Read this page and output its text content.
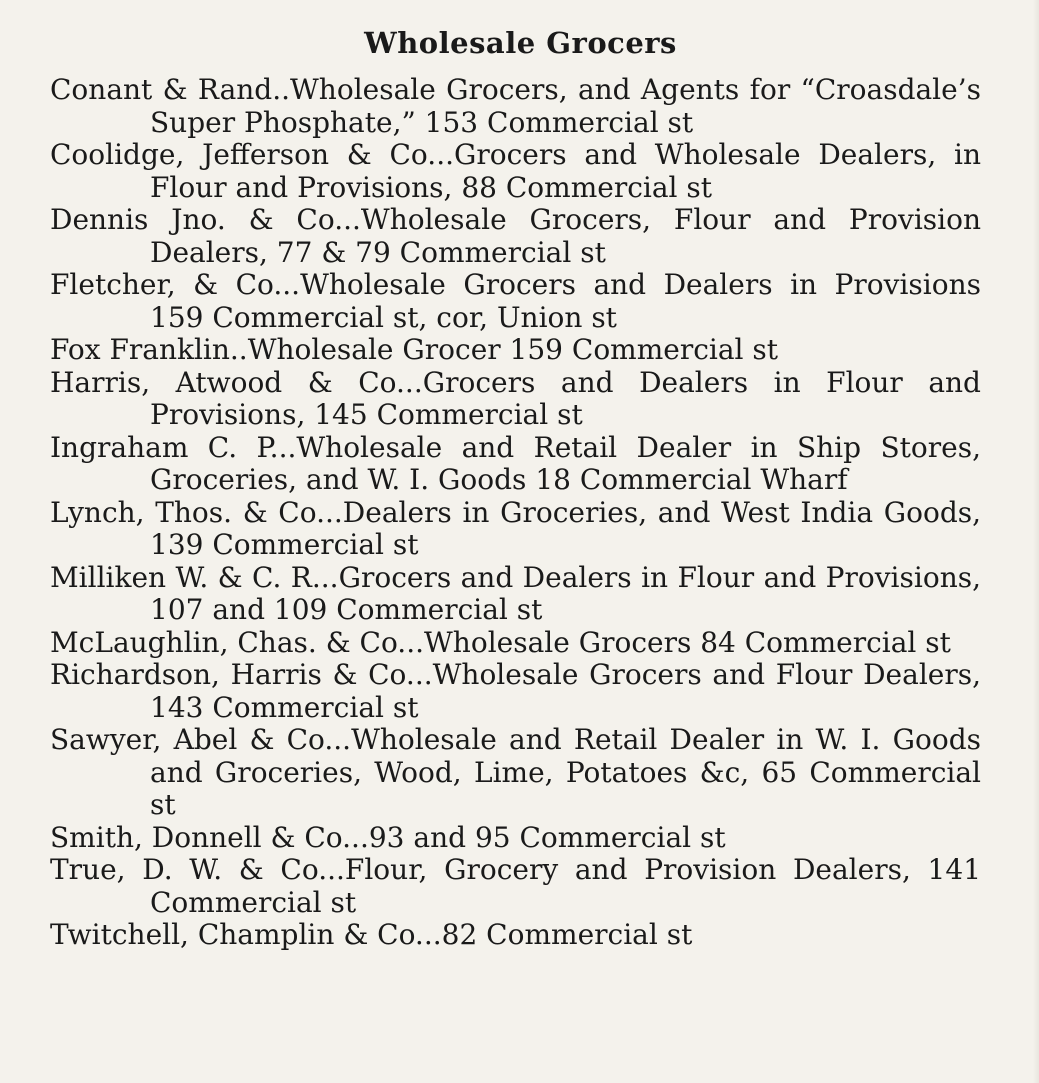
Wholesale Grocers

Conant & Rand..Wholesale Grocers, and Agents for “Croasdale’s Super Phosphate,” 153 Commercial st

Coolidge, Jefferson & Co...Grocers and Wholesale Dealers, in Flour and Provisions, 88 Commercial st

Dennis Jno. & Co...Wholesale Grocers, Flour and Provision Dealers, 77 & 79 Commercial st

Fletcher, & Co...Wholesale Grocers and Dealers in Provisions 159 Commercial st, cor, Union st

Fox Franklin..Wholesale Grocer 159 Commercial st

Harris, Atwood & Co...Grocers and Dealers in Flour and Provisions, 145 Commercial st

Ingraham C. P...Wholesale and Retail Dealer in Ship Stores, Groceries, and W. I. Goods 18 Commercial Wharf

Lynch, Thos. & Co...Dealers in Groceries, and West India Goods, 139 Commercial st

Milliken W. & C. R...Grocers and Dealers in Flour and Provisions, 107 and 109 Commercial st

McLaughlin, Chas. & Co...Wholesale Grocers 84 Commercial st

Richardson, Harris & Co...Wholesale Grocers and Flour Dealers, 143 Commercial st

Sawyer, Abel & Co...Wholesale and Retail Dealer in W. I. Goods and Groceries, Wood, Lime, Potatoes &c, 65 Commercial st

Smith, Donnell & Co...93 and 95 Commercial st

True, D. W. & Co...Flour, Grocery and Provision Dealers, 141 Commercial st

Twitchell, Champlin & Co...82 Commercial st
